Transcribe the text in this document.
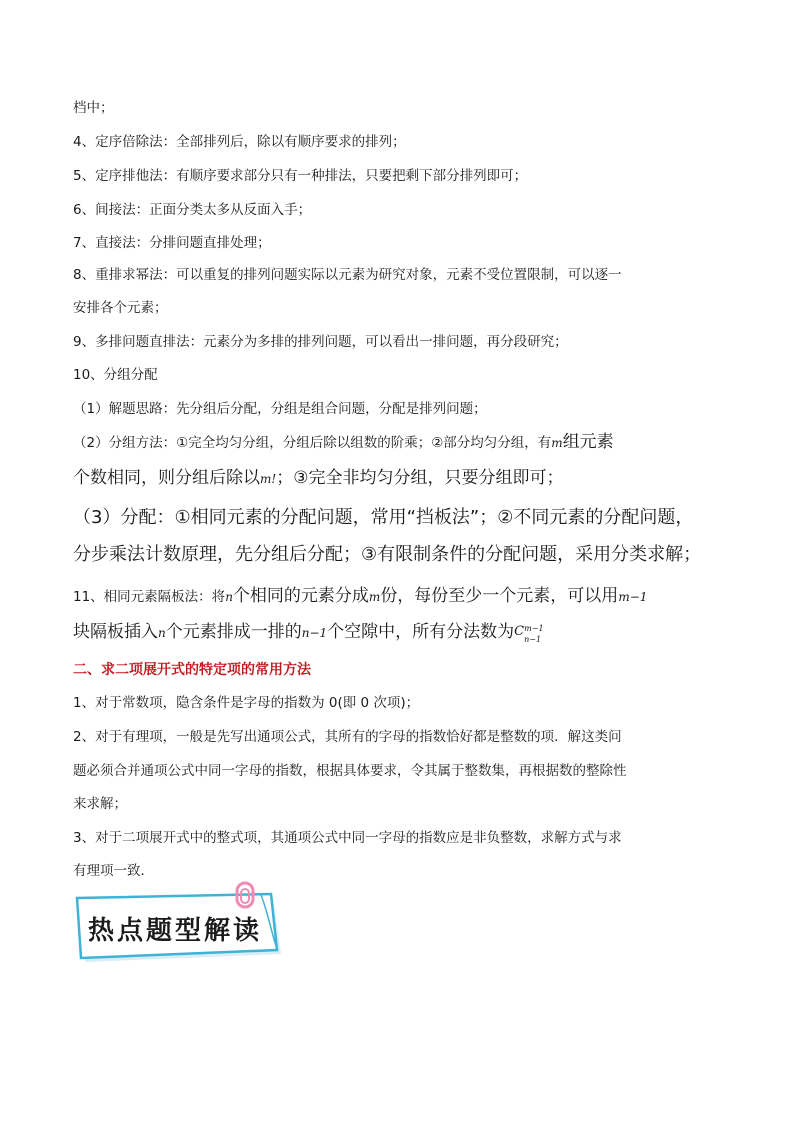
档中；
4、定序倍除法：全部排列后，除以有顺序要求的排列；
5、定序排他法：有顺序要求部分只有一种排法，只要把剩下部分排列即可；
6、间接法：正面分类太多从反面入手；
7、直接法：分排问题直排处理；
8、重排求幂法：可以重复的排列问题实际以元素为研究对象，元素不受位置限制，可以逐一
安排各个元素；
9、多排问题直排法：元素分为多排的排列问题，可以看出一排问题，再分段研究；
10、分组分配
（1）解题思路：先分组后分配，分组是组合问题，分配是排列问题；
（2）分组方法：①完全均匀分组，分组后除以组数的阶乘；②部分均匀分组，有m组元素
个数相同，则分组后除以m!；③完全非均匀分组，只要分组即可；
（3）分配：①相同元素的分配问题，常用“挡板法”；②不同元素的分配问题，
分步乘法计数原理，先分组后分配；③有限制条件的分配问题，采用分类求解；
11、相同元素隔板法：将n个相同的元素分成m份，每份至少一个元素，可以用m−1
块隔板插入n个元素排成一排的n−1个空隙中，所有分法数为 C m−1
n−1
二、求二项展开式的特定项的常用方法
1、对于常数项，隐含条件是字母的指数为 0(即 0 次项)；
2、对于有理项，一般是先写出通项公式，其所有的字母的指数恰好都是整数的项．解这类问
题必须合并通项公式中同一字母的指数，根据具体要求，令其属于整数集，再根据数的整除性
来求解；
3、对于二项展开式中的整式项，其通项公式中同一字母的指数应是非负整数，求解方式与求
有理项一致．
热点题型解读
